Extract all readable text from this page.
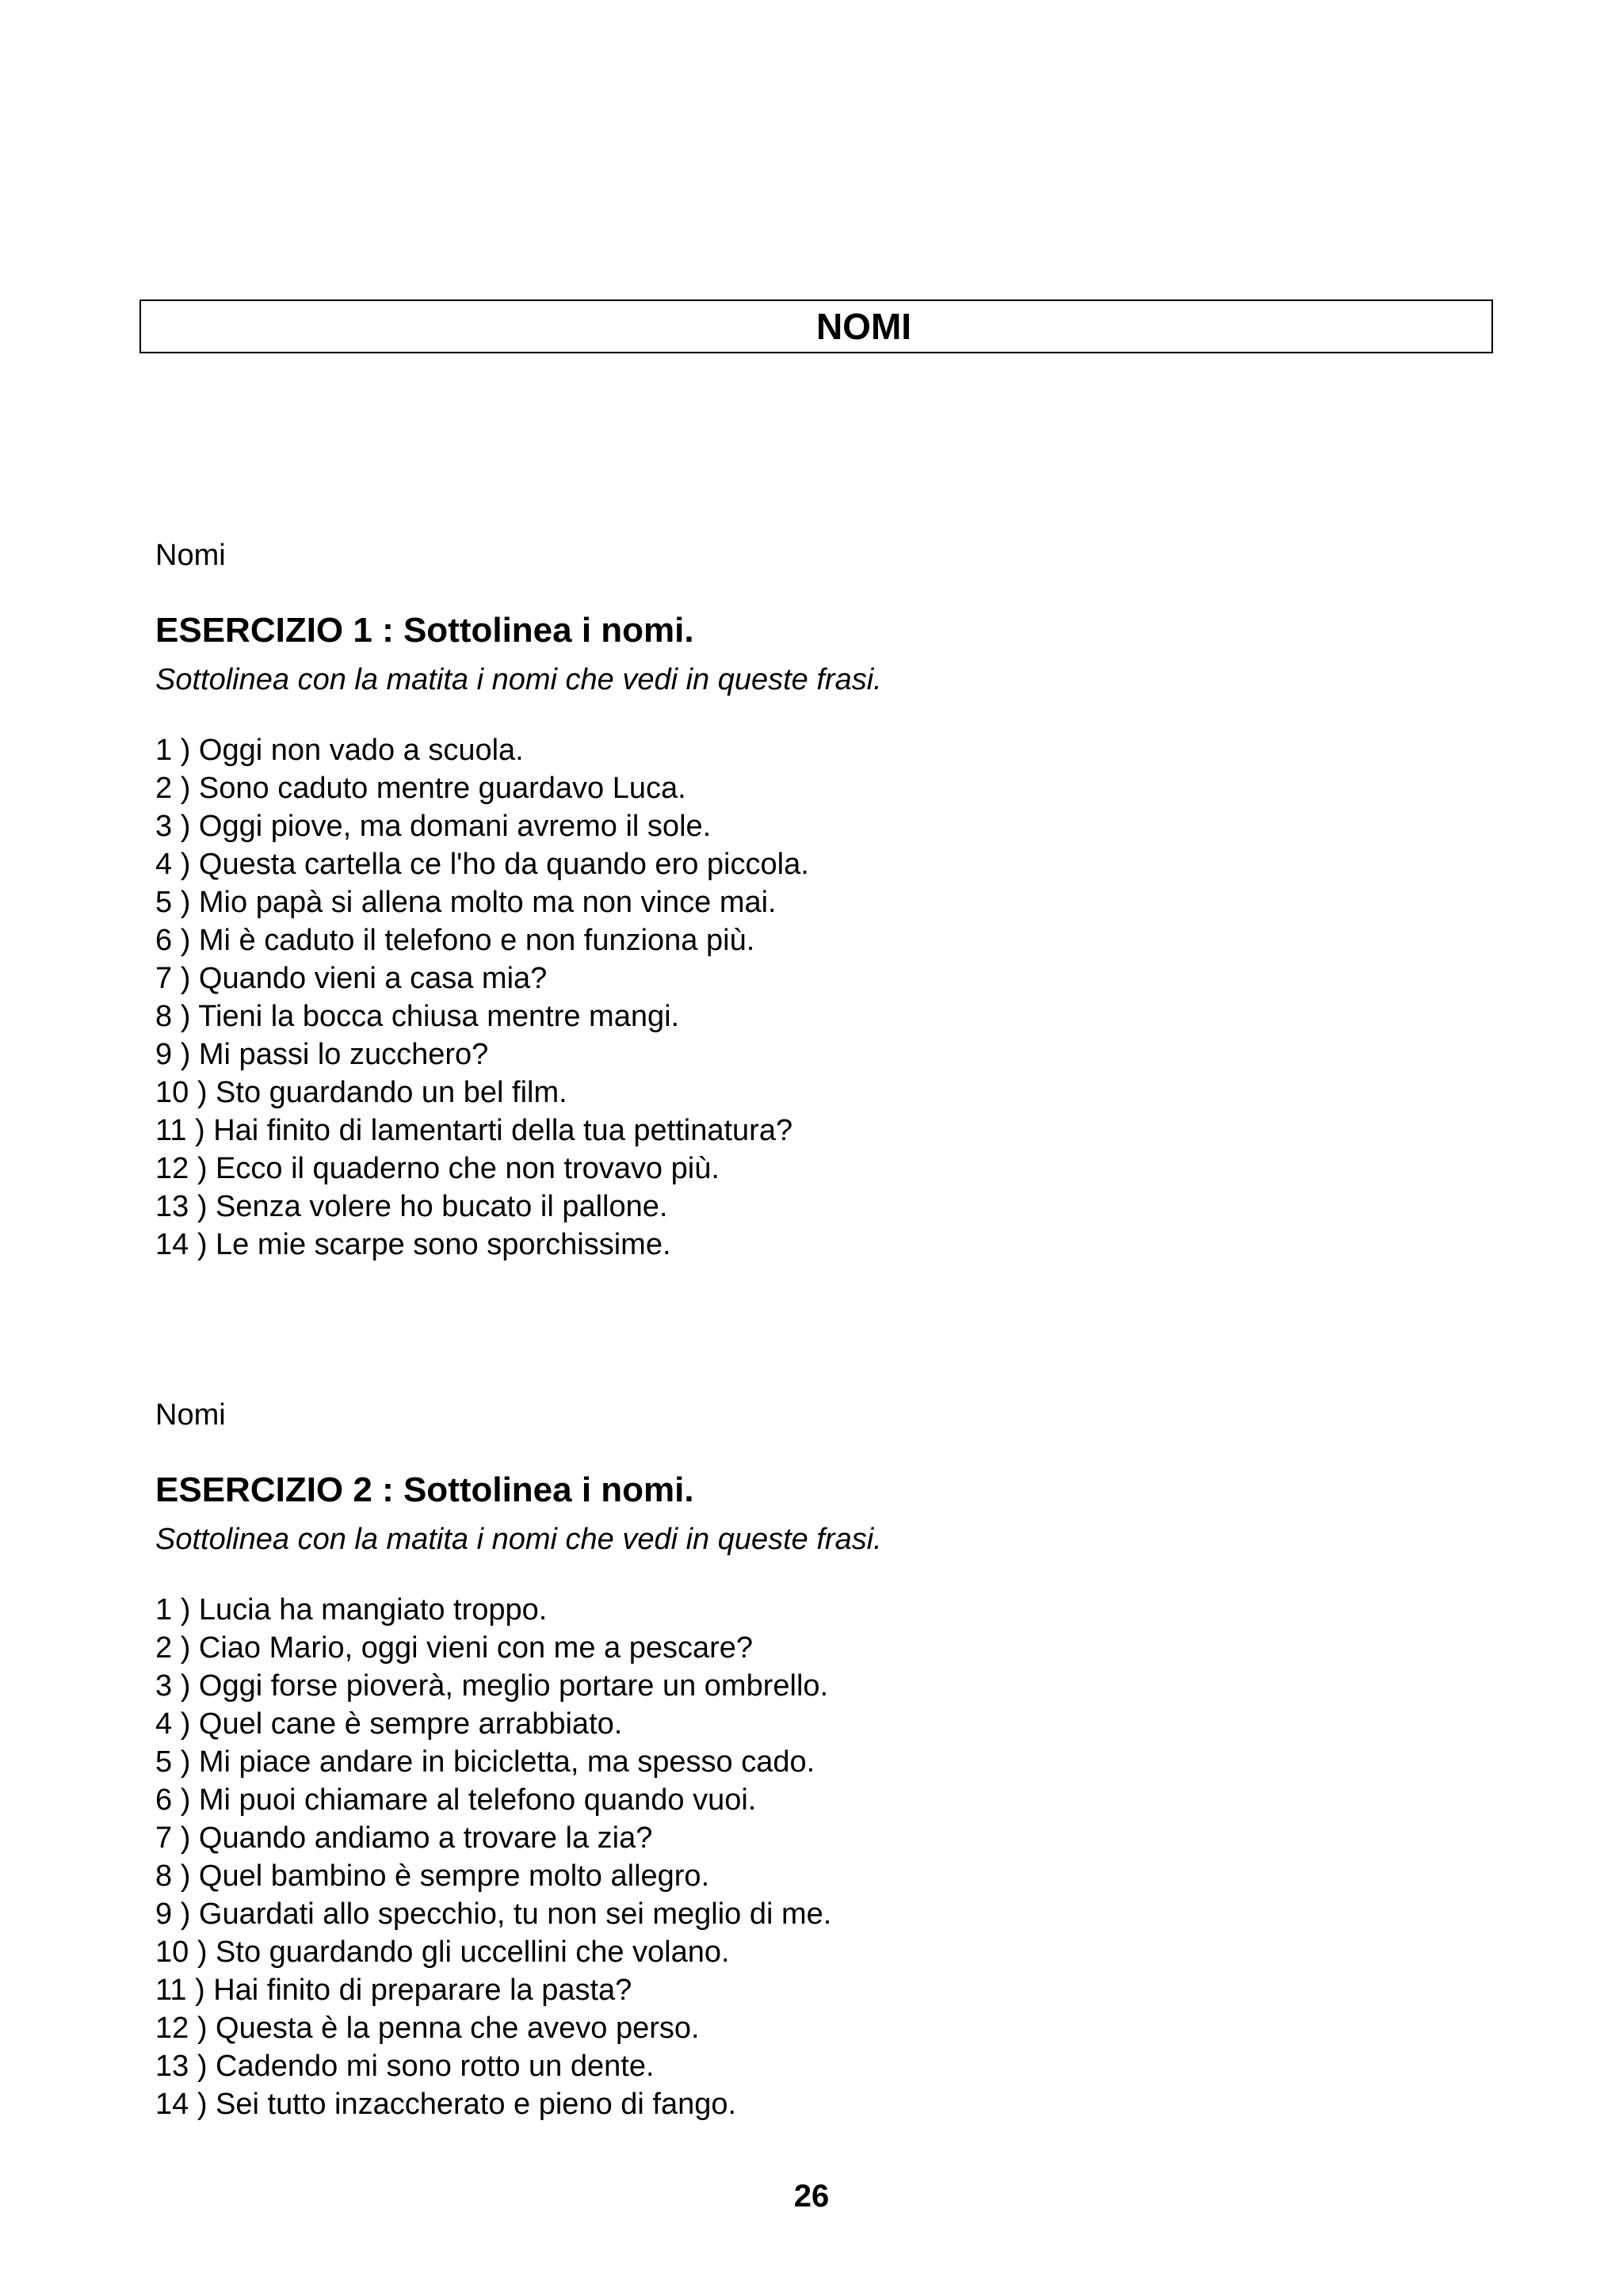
NOMI
Nomi
ESERCIZIO 1 : Sottolinea i nomi.
Sottolinea con la matita i nomi che vedi in queste frasi.
1 ) Oggi non vado a scuola.
2 ) Sono caduto mentre guardavo Luca.
3 ) Oggi piove, ma domani avremo il sole.
4 ) Questa cartella ce l'ho da quando ero piccola.
5 ) Mio papà si allena molto ma non vince mai.
6 ) Mi è caduto il telefono e non funziona più.
7 ) Quando vieni a casa mia?
8 ) Tieni la bocca chiusa mentre mangi.
9 ) Mi passi lo zucchero?
10 ) Sto guardando un bel film.
11 ) Hai finito di lamentarti della tua pettinatura?
12 ) Ecco il quaderno che non trovavo più.
13 ) Senza volere ho bucato il pallone.
14 ) Le mie scarpe sono sporchissime.
Nomi
ESERCIZIO 2 : Sottolinea i nomi.
Sottolinea con la matita i nomi che vedi in queste frasi.
1 ) Lucia ha mangiato troppo.
2 ) Ciao Mario, oggi vieni con me a pescare?
3 ) Oggi forse pioverà, meglio portare un ombrello.
4 ) Quel cane è sempre arrabbiato.
5 ) Mi piace andare in bicicletta, ma spesso cado.
6 ) Mi puoi chiamare al telefono quando vuoi.
7 ) Quando andiamo a trovare la zia?
8 ) Quel bambino è sempre molto allegro.
9 ) Guardati allo specchio, tu non sei meglio di me.
10 ) Sto guardando gli uccellini che volano.
11 ) Hai finito di preparare la pasta?
12 ) Questa è la penna che avevo perso.
13 ) Cadendo mi sono rotto un dente.
14 ) Sei tutto inzaccherato e pieno di fango.
26
